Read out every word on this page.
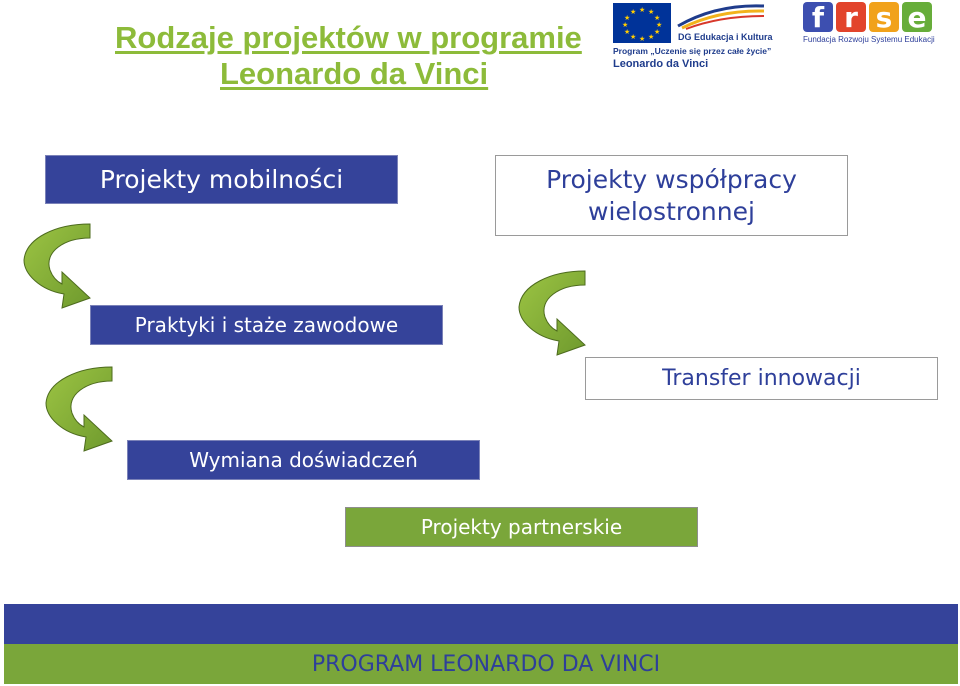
Rodzaje projektów w programie
Leonardo da Vinci
★ ★
★
★
★
★
★
★
★
★
★
★
DG Edukacja i Kultura
Program „Uczenie się przez całe życie”
Leonardo da Vinci
f r s e
Fundacja Rozwoju Systemu Edukacji
Projekty mobilności	Projekty współpracy
wielostronnej
Praktyki i staże zawodowe
Transfer innowacji
Wymiana doświadczeń
Projekty partnerskie
PROGRAM LEONARDO DA VINCI
